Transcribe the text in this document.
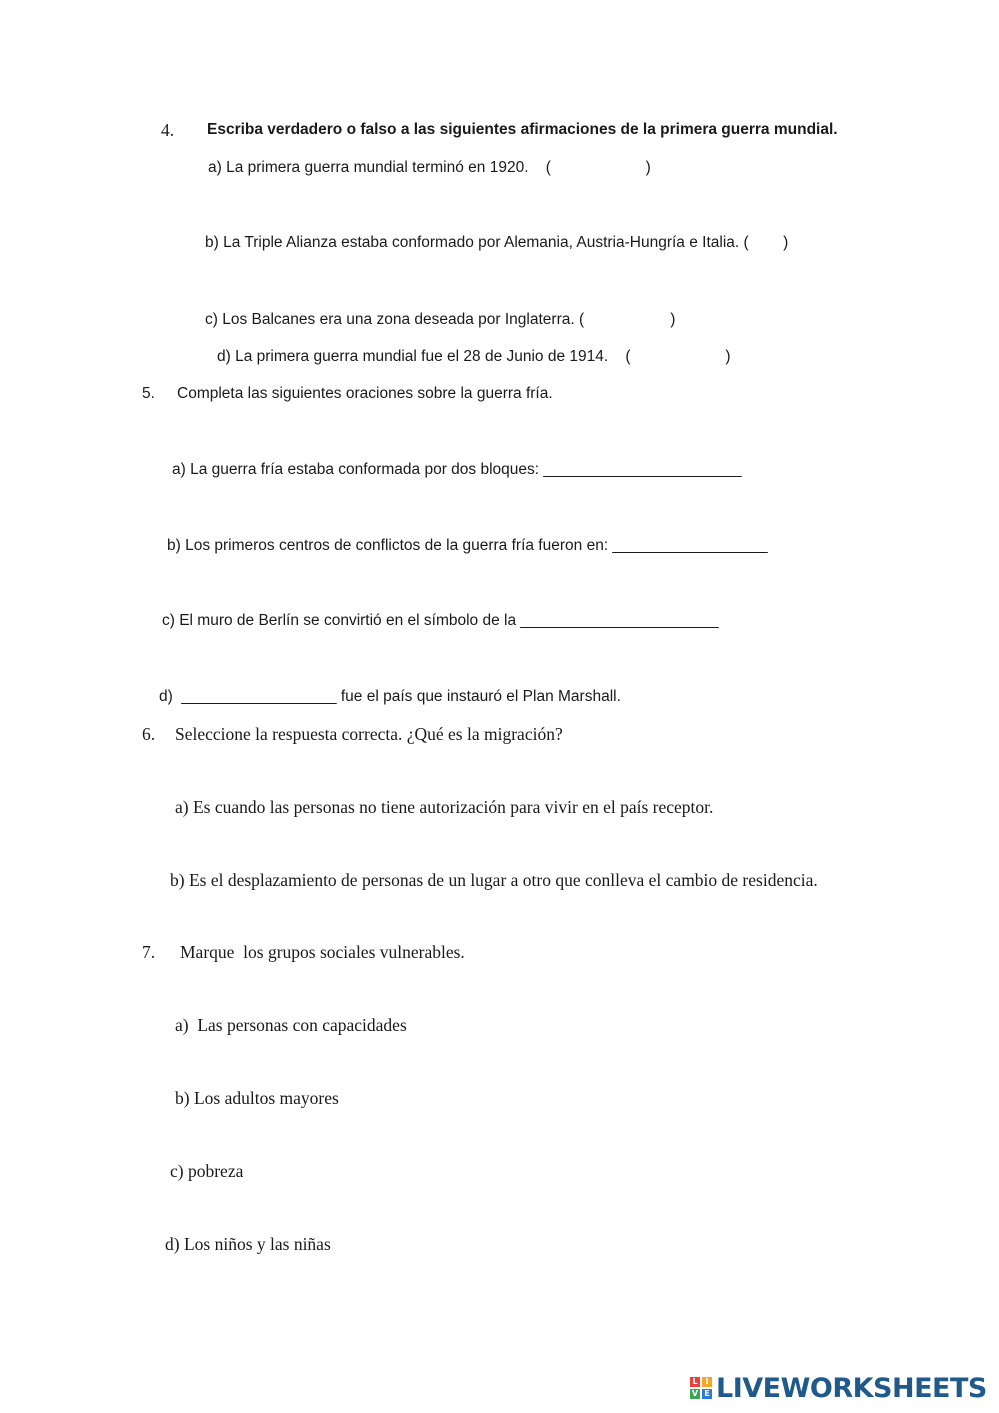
4. Escriba verdadero o falso a las siguientes afirmaciones de la primera guerra mundial.
a) La primera guerra mundial terminó en 1920.    (                      )
b) La Triple Alianza estaba conformado por Alemania, Austria-Hungría e Italia. (        )
c) Los Balcanes era una zona deseada por Inglaterra. (                    )
d) La primera guerra mundial fue el 28 de Junio de 1914.    (                      )
5. Completa las siguientes oraciones sobre la guerra fría.
a) La guerra fría estaba conformada por dos bloques: _______________________
b) Los primeros centros de conflictos de la guerra fría fueron en: __________________
c) El muro de Berlín se convirtió en el símbolo de la _______________________
d)  __________________ fue el país que instauró el Plan Marshall.
6. Seleccione la respuesta correcta. ¿Qué es la migración?
a) Es cuando las personas no tiene autorización para vivir en el país receptor.
b) Es el desplazamiento de personas de un lugar a otro que conlleva el cambio de residencia.
7. Marque  los grupos sociales vulnerables.
a)  Las personas con capacidades
b) Los adultos mayores
c) pobreza
d) Los niños y las niñas
L I
V E LIVEWORKSHEETS
